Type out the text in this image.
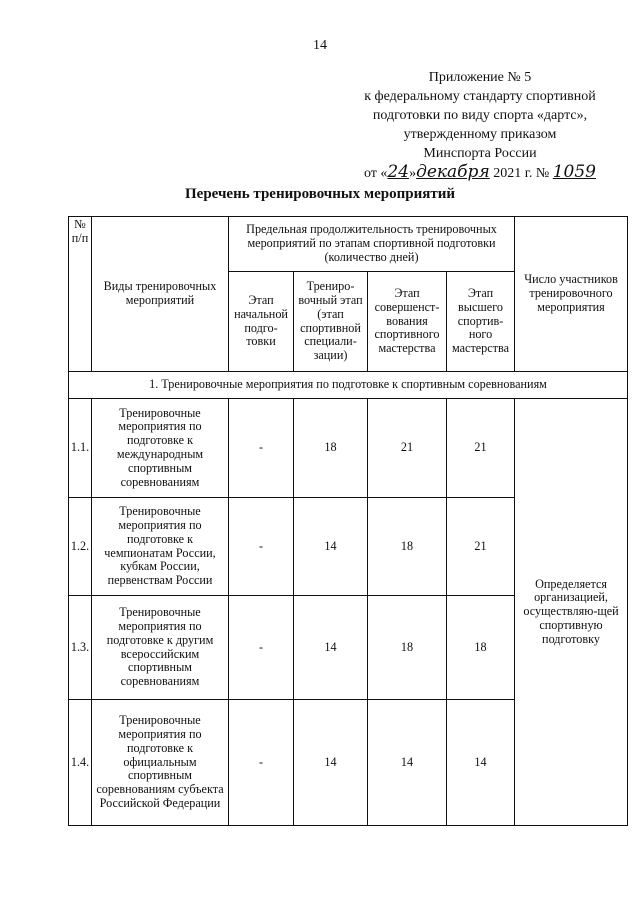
14
Приложение № 5
к федеральному стандарту спортивной
подготовки по виду спорта «дартс»,
утвержденному приказом
Минспорта России
от «24»декабря 2021 г. № 1059
Перечень тренировочных мероприятий
№ п/п	Виды тренировочных мероприятий	Предельная продолжительность тренировочных мероприятий по этапам спортивной подготовки (количество дней)				Число участников тренировочного мероприятия
		Этап начальной подго-товки	Трениро-вочный этап (этап спортивной специали-зации)	Этап совершенст-вования спортивного мастерства	Этап высшего спортив-ного мастерства	
1. Тренировочные мероприятия по подготовке к спортивным соревнованиям						
1.1.	Тренировочные мероприятия по подготовке к международным спортивным соревнованиям	-	18	21	21	Определяется организацией, осуществляю-щей спортивную подготовку
1.2.	Тренировочные мероприятия по подготовке к чемпионатам России, кубкам России, первенствам России	-	14	18	21	
1.3.	Тренировочные мероприятия по подготовке к другим всероссийским спортивным соревнованиям	-	14	18	18	
1.4.	Тренировочные мероприятия по подготовке к официальным спортивным соревнованиям субъекта Российской Федерации	-	14	14	14	
